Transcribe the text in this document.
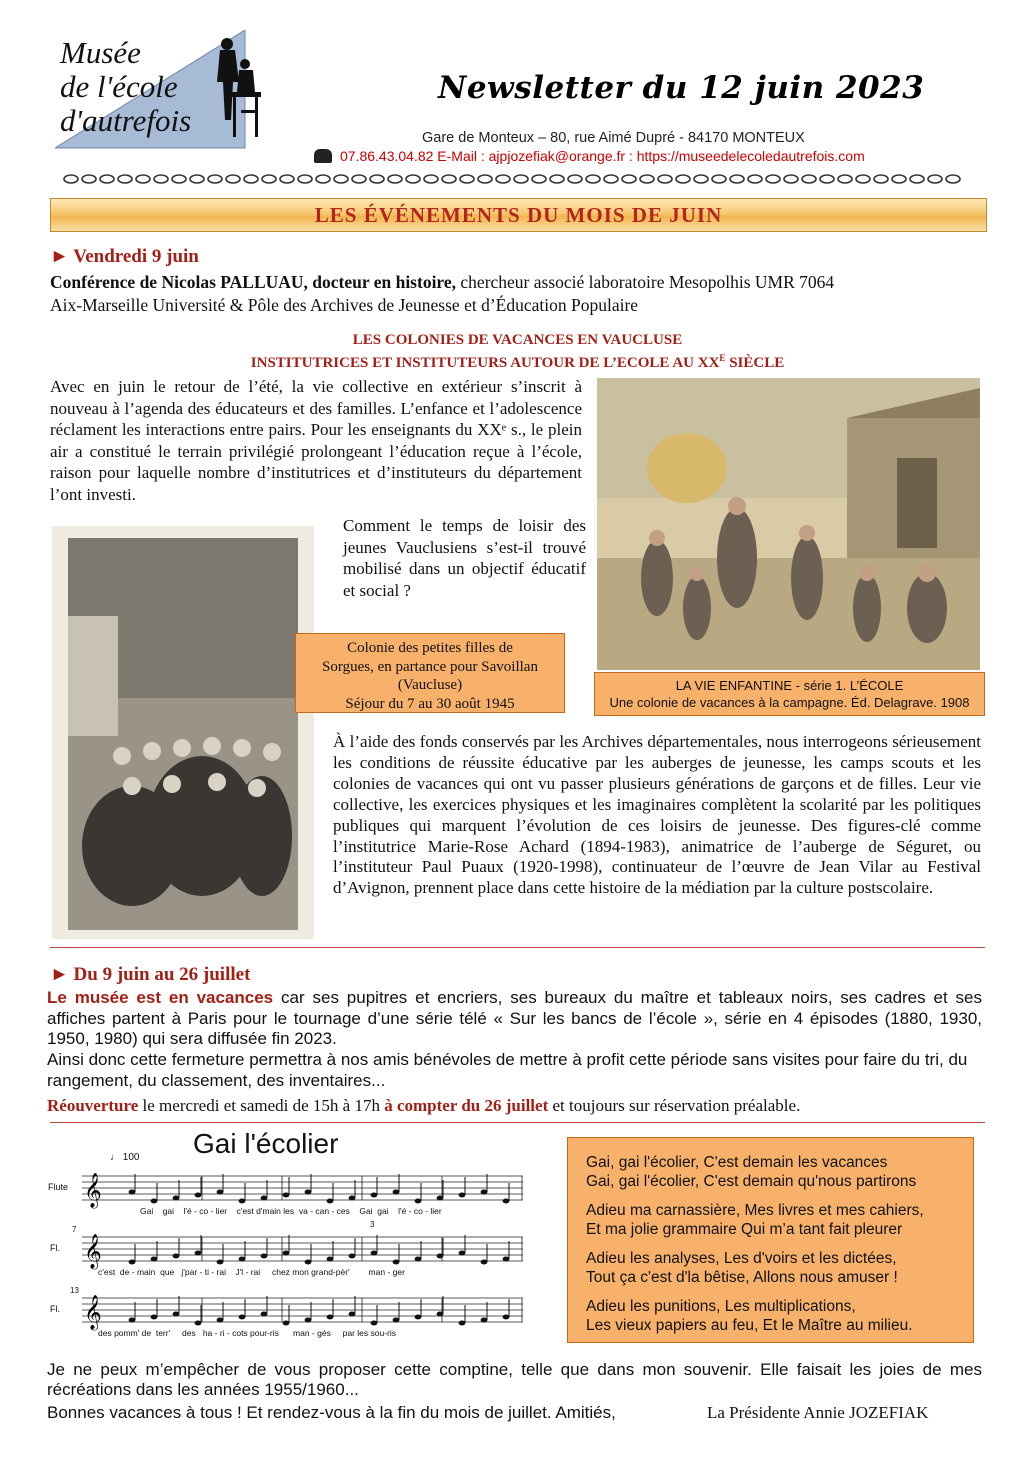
Musée
de l'école
d'autrefois
Newsletter du 12 juin 2023
Gare de Monteux – 80, rue Aimé Dupré - 84170 MONTEUX
07.86.43.04.82 E-Mail : ajpjozefiak@orange.fr : https://museedelecoledautrefois.com
LES ÉVÉNEMENTS DU MOIS DE JUIN
► Vendredi 9 juin
Conférence de Nicolas PALLUAU, docteur en histoire, chercheur associé laboratoire Mesopolhis UMR 7064
Aix-Marseille Université & Pôle des Archives de Jeunesse et d’Éducation Populaire
LES COLONIES DE VACANCES EN VAUCLUSE
INSTITUTRICES ET INSTITUTEURS AUTOUR DE L’ECOLE AU $XX^E$ SIÈCLE
Avec en juin le retour de l’été, la vie collective en extérieur s’inscrit à nouveau à l’agenda des éducateurs et des familles. L’enfance et l’adolescence réclament les interactions entre pairs. Pour les enseignants du XXᵉ s., le plein air a constitué le terrain privilégié prolongeant l’éducation reçue à l’école, raison pour laquelle nombre d’institutrices et d’instituteurs du département l’ont investi.
LA VIE ENFANTINE - série 1. L’ÉCOLE
Une colonie de vacances à la campagne. Éd. Delagrave. 1908
Colonie des petites filles de
Sorgues, en partance pour Savoillan
(Vaucluse)
Séjour du 7 au 30 août 1945
Comment le temps de loisir des jeunes Vauclusiens s’est-il trouvé mobilisé dans un objectif éducatif et social ?
À l’aide des fonds conservés par les Archives départementales, nous interrogeons sérieusement les conditions de réussite éducative par les auberges de jeunesse, les camps scouts et les colonies de vacances qui ont vu passer plusieurs générations de garçons et de filles. Leur vie collective, les exercices physiques et les imaginaires complètent la scolarité par les politiques publiques qui marquent l’évolution de ces loisirs de jeunesse. Des figures-clé comme l’institutrice Marie-Rose Achard (1894-1983), animatrice de l’auberge de Séguret, ou l’instituteur Paul Puaux (1920-1998), continuateur de l’œuvre de Jean Vilar au Festival d’Avignon, prennent place dans cette histoire de la médiation par la culture postscolaire.
► Du 9 juin au 26 juillet
Le musée est en vacances car ses pupitres et encriers, ses bureaux du maître et tableaux noirs, ses cadres et ses affiches partent à Paris pour le tournage d’une série télé « Sur les bancs de l’école », série en 4 épisodes (1880, 1930, 1950, 1980) qui sera diffusée fin 2023.
Ainsi donc cette fermeture permettra à nos amis bénévoles de mettre à profit cette période sans visites pour faire du tri, du rangement, du classement, des inventaires...
Réouverture le mercredi et samedi de 15h à 17h à compter du 26 juillet et toujours sur réservation préalable.
Gai l'écolier
♩ 100
Flute
Fl.
Fl.
7
13
3
𝄞
𝄞
𝄞
Gai    gai    l'é - co - lier    c'est d'main les  va - can - ces    Gai  gai    l'é - co - lier
c'est  de - main  que   j'par - ti - rai    J'l - rai     chez mon grand-pèr'        man - ger
des pomm' de  terr'     des   ha - ri - cots pour-ris      man - gés     par les sou-ris
Gai, gai l'écolier, C'est demain les vacances
Gai, gai l'écolier, C'est demain qu'nous partirons
Adieu ma carnassière, Mes livres et mes cahiers,
Et ma jolie grammaire Qui m’a tant fait pleurer
Adieu les analyses, Les d'voirs et les dictées,
Tout ça c'est d'la bêtise, Allons nous amuser !
Adieu les punitions, Les multiplications,
Les vieux papiers au feu, Et le Maître au milieu.
Je ne peux m’empêcher de vous proposer cette comptine, telle que dans mon souvenir. Elle faisait les joies de mes récréations dans les années 1955/1960...
Bonnes vacances à tous ! Et rendez-vous à la fin du mois de juillet. Amitiés,	La Présidente Annie JOZEFIAK
